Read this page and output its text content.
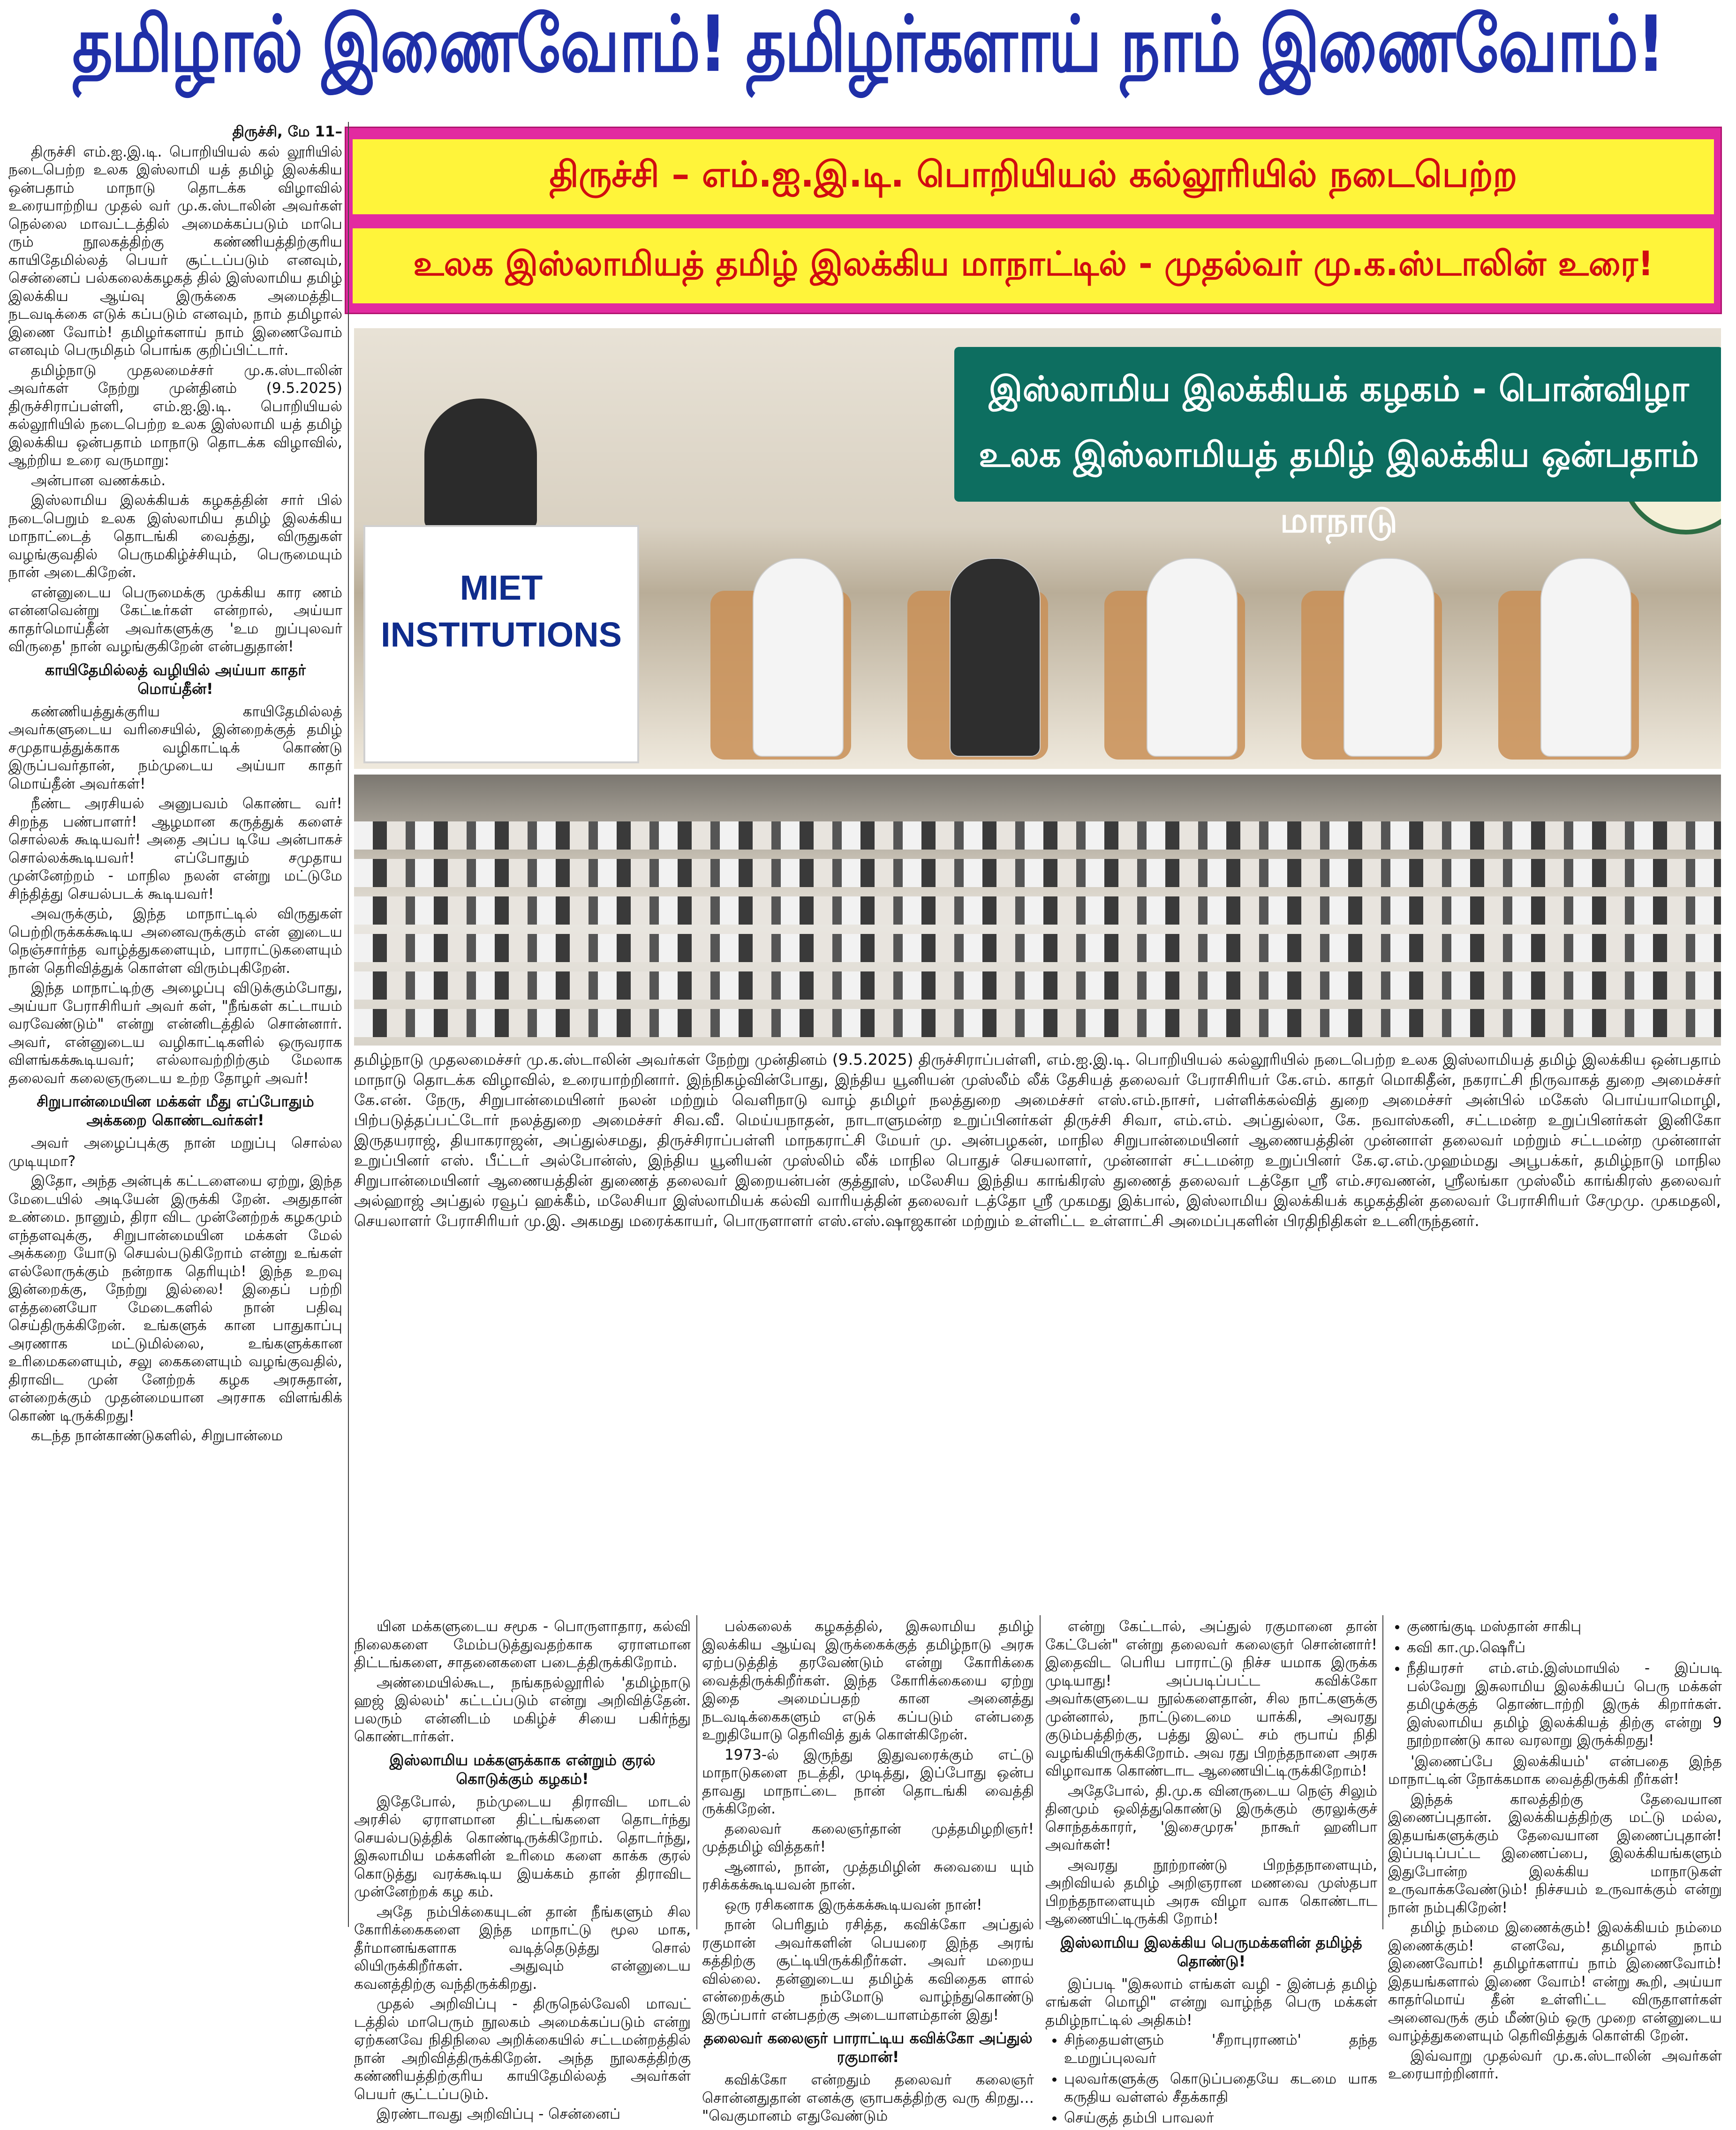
தமிழால் இணைவோம்! தமிழர்களாய் நாம் இணைவோம்!
திருச்சி – எம்.ஐ.இ.டி. பொறியியல் கல்லூரியில் நடைபெற்ற
உலக இஸ்லாமியத் தமிழ் இலக்கிய மாநாட்டில் - முதல்வர் மு.க.ஸ்டாலின் உரை!
இஸ்லாமிய இலக்கியக் கழகம் - பொன்விழா
உலக இஸ்லாமியத் தமிழ் இலக்கிய ஒன்பதாம் மாநாடு
MIET INSTITUTIONS
தமிழ்நாடு முதலமைச்சர் மு.க.ஸ்டாலின் அவர்கள் நேற்று முன்தினம் (9.5.2025) திருச்சிராப்பள்ளி, எம்.ஐ.இ.டி. பொறியியல் கல்லூரியில் நடைபெற்ற உலக இஸ்லாமியத் தமிழ் இலக்கிய ஒன்பதாம் மாநாடு தொடக்க விழாவில், உரையாற்றினார். இந்நிகழ்வின்போது, இந்திய யூனியன் முஸ்லீம் லீக் தேசியத் தலைவர் பேராசிரியர் கே.எம். காதர் மொகிதீன், நகராட்சி நிருவாகத் துறை அமைச்சர் கே.என். நேரு, சிறுபான்மையினர் நலன் மற்றும் வெளிநாடு வாழ் தமிழர் நலத்துறை அமைச்சர் எஸ்.எம்.நாசர், பள்ளிக்கல்வித் துறை அமைச்சர் அன்பில் மகேஸ் பொய்யாமொழி, பிற்படுத்தப்பட்டோர் நலத்துறை அமைச்சர் சிவ.வீ. மெய்யநாதன், நாடாளுமன்ற உறுப்பினர்கள் திருச்சி சிவா, எம்.எம். அப்துல்லா, கே. நவாஸ்கனி, சட்டமன்ற உறுப்பினர்கள் இனிகோ இருதயராஜ், தியாகராஜன், அப்துல்சமது, திருச்சிராப்பள்ளி மாநகராட்சி மேயர் மு. அன்பழகன், மாநில சிறுபான்மையினர் ஆணையத்தின் முன்னாள் தலைவர் மற்றும் சட்டமன்ற முன்னாள் உறுப்பினர் எஸ். பீட்டர் அல்போன்ஸ், இந்திய யூனியன் முஸ்லிம் லீக் மாநில பொதுச் செயலாளர், முன்னாள் சட்டமன்ற உறுப்பினர் கே.ஏ.எம்.முஹம்மது அபூபக்கர், தமிழ்நாடு மாநில சிறுபான்மையினர் ஆணையத்தின் துணைத் தலைவர் இறையன்பன் குத்தூஸ், மலேசிய இந்திய காங்கிரஸ் துணைத் தலைவர் டத்தோ ஸ்ரீ எம்.சரவணன், ஸ்ரீலங்கா முஸ்லீம் காங்கிரஸ் தலைவர் அல்ஹாஜ் அப்துல் ரவூப் ஹக்கீம், மலேசியா இஸ்லாமியக் கல்வி வாரியத்தின் தலைவர் டத்தோ ஸ்ரீ முகமது இக்பால், இஸ்லாமிய இலக்கியக் கழகத்தின் தலைவர் பேராசிரியர் சேமுமு. முகமதலி, செயலாளர் பேராசிரியர் மு.இ. அகமது மரைக்காயர், பொருளாளர் எஸ்.எஸ்.ஷாஜகான் மற்றும் உள்ளிட்ட உள்ளாட்சி அமைப்புகளின் பிரதிநிதிகள் உடனிருந்தனர்.

திருச்சி, மே 11–

திருச்சி எம்.ஐ.இ.டி. பொறியியல் கல் லூரியில் நடைபெற்ற உலக இஸ்லாமி யத் தமிழ் இலக்கிய ஒன்பதாம் மாநாடு தொடக்க விழாவில் உரையாற்றிய முதல் வர் மு.க.ஸ்டாலின் அவர்கள் நெல்லை மாவட்டத்தில் அமைக்கப்படும் மாபெ ரும் நூலகத்திற்கு கண்ணியத்திற்குரிய காயிதேமில்லத் பெயர் சூட்டப்படும் எனவும், சென்னைப் பல்கலைக்கழகத் தில் இஸ்லாமிய தமிழ் இலக்கிய ஆய்வு இருக்கை அமைத்திட நடவடிக்கை எடுக் கப்படும் எனவும், நாம் தமிழால் இணை வோம்! தமிழர்களாய் நாம் இணைவோம் எனவும் பெருமிதம் பொங்க குறிப்பிட்டார்.

தமிழ்நாடு முதலமைச்சர் மு.க.ஸ்டாலின் அவர்கள் நேற்று முன்தினம் (9.5.2025) திருச்சிராப்பள்ளி, எம்.ஐ.இ.டி. பொறியியல் கல்லூரியில் நடைபெற்ற உலக இஸ்லாமி யத் தமிழ் இலக்கிய ஒன்பதாம் மாநாடு தொடக்க விழாவில், ஆற்றிய உரை வருமாறு:

அன்பான வணக்கம்.

இஸ்லாமிய இலக்கியக் கழகத்தின் சார் பில் நடைபெறும் உலக இஸ்லாமிய தமிழ் இலக்கிய மாநாட்டைத் தொடங்கி வைத்து, விருதுகள் வழங்குவதில் பெருமகிழ்ச்சியும், பெருமையும் நான் அடைகிறேன்.

என்னுடைய பெருமைக்கு முக்கிய கார ணம் என்னவென்று கேட்டீர்கள் என்றால், அய்யா காதர்மொய்தீன் அவர்களுக்கு 'உம றுப்புலவர் விருதை' நான் வழங்குகிறேன் என்பதுதான்!

காயிதேமில்லத் வழியில் அய்யா காதர் மொய்தீன்!

கண்ணியத்துக்குரிய காயிதேமில்லத் அவர்களுடைய வரிசையில், இன்றைக்குத் தமிழ் சமுதாயத்துக்காக வழிகாட்டிக் கொண்டு இருப்பவர்தான், நம்முடைய அய்யா காதர் மொய்தீன் அவர்கள்!

நீண்ட அரசியல் அனுபவம் கொண்ட வர்! சிறந்த பண்பாளர்! ஆழமான கருத்துக் களைச் சொல்லக் கூடியவர்! அதை அப்ப டியே அன்பாகச் சொல்லக்கூடியவர்! எப்போதும் சமுதாய முன்னேற்றம் - மாநில நலன் என்று மட்டுமே சிந்தித்து செயல்படக் கூடியவர்!

அவருக்கும், இந்த மாநாட்டில் விருதுகள் பெற்றிருக்கக்கூடிய அனைவருக்கும் என் னுடைய நெஞ்சார்ந்த வாழ்த்துகளையும், பாராட்டுகளையும் நான் தெரிவித்துக் கொள்ள விரும்புகிறேன்.

இந்த மாநாட்டிற்கு அழைப்பு விடுக்கும்போது, அய்யா பேராசிரியர் அவர் கள், "நீங்கள் கட்டாயம் வரவேண்டும்" என்று என்னிடத்தில் சொன்னார். அவர், என்னுடைய வழிகாட்டிகளில் ஒருவராக விளங்கக்கூடியவர்; எல்லாவற்றிற்கும் மேலாக தலைவர் கலைஞருடைய உற்ற தோழர் அவர்!

சிறுபான்மையின மக்கள் மீது எப்போதும் அக்கறை கொண்டவர்கள்!

அவர் அழைப்புக்கு நான் மறுப்பு சொல்ல முடியுமா?

இதோ, அந்த அன்புக் கட்டளையை ஏற்று, இந்த மேடையில் அடியேன் இருக்கி றேன். அதுதான் உண்மை. நானும், திரா விட முன்னேற்றக் கழகமும் எந்தளவுக்கு, சிறுபான்மையின மக்கள் மேல் அக்கறை யோடு செயல்படுகிறோம் என்று உங்கள் எல்லோருக்கும் நன்றாக தெரியும்! இந்த உறவு இன்றைக்கு, நேற்று இல்லை! இதைப் பற்றி எத்தனையோ மேடைகளில் நான் பதிவு செய்திருக்கிறேன். உங்களுக் கான பாதுகாப்பு அரணாக மட்டுமில்லை, உங்களுக்கான உரிமைகளையும், சலு கைகளையும் வழங்குவதில், திராவிட முன் னேற்றக் கழக அரசுதான், என்றைக்கும் முதன்மையான அரசாக விளங்கிக் கொண் டிருக்கிறது!

கடந்த நான்காண்டுகளில், சிறுபான்மை

யின மக்களுடைய சமூக - பொருளாதார, கல்வி நிலைகளை மேம்படுத்துவதற்காக ஏராளமான திட்டங்களை, சாதனைகளை படைத்திருக்கிறோம்.

அண்மையில்கூட, நங்கநல்லூரில் 'தமிழ்நாடு ஹஜ் இல்லம்' கட்டப்படும் என்று அறிவித்தேன். பலரும் என்னிடம் மகிழ்ச் சியை பகிர்ந்து கொண்டார்கள்.

இஸ்லாமிய மக்களுக்காக என்றும் குரல் கொடுக்கும் கழகம்!

இதேபோல், நம்முடைய திராவிட மாடல் அரசில் ஏராளமான திட்டங்களை தொடர்ந்து செயல்படுத்திக் கொண்டிருக்கிறோம். தொடர்ந்து, இசுலாமிய மக்களின் உரிமை களை காக்க குரல் கொடுத்து வரக்கூடிய இயக்கம் தான் திராவிட முன்னேற்றக் கழ கம்.

அதே நம்பிக்கையுடன் தான் நீங்களும் சில கோரிக்கைகளை இந்த மாநாட்டு மூல மாக, தீர்மானங்களாக வடித்தெடுத்து சொல் லியிருக்கிறீர்கள். அதுவும் என்னுடைய கவனத்திற்கு வந்திருக்கிறது.

முதல் அறிவிப்பு - திருநெல்வேலி மாவட் டத்தில் மாபெரும் நூலகம் அமைக்கப்படும் என்று ஏற்கனவே நிதிநிலை அறிக்கையில் சட்டமன்றத்தில் நான் அறிவித்திருக்கிறேன். அந்த நூலகத்திற்கு கண்ணியத்திற்குரிய காயிதேமில்லத் அவர்கள் பெயர் சூட்டப்படும்.

இரண்டாவது அறிவிப்பு - சென்னைப்

பல்கலைக் கழகத்தில், இசுலாமிய தமிழ் இலக்கிய ஆய்வு இருக்கைக்குத் தமிழ்நாடு அரசு ஏற்படுத்தித் தரவேண்டும் என்று கோரிக்கை வைத்திருக்கிறீர்கள். இந்த கோரிக்கையை ஏற்று இதை அமைப்பதற் கான அனைத்து நடவடிக்கைகளும் எடுக் கப்படும் என்பதை உறுதியோடு தெரிவித் துக் கொள்கிறேன்.

1973-ல் இருந்து இதுவரைக்கும் எட்டு மாநாடுகளை நடத்தி, முடித்து, இப்போது ஒன்ப தாவது மாநாட்டை நான் தொடங்கி வைத்தி ருக்கிறேன்.

தலைவர் கலைஞர்தான் முத்தமிழறிஞர்! முத்தமிழ் வித்தகர்!

ஆனால், நான், முத்தமிழின் சுவையை யும் ரசிக்கக்கூடியவன் நான்.

ஒரு ரசிகனாக இருக்கக்கூடியவன் நான்!

நான் பெரிதும் ரசித்த, கவிக்கோ அப்துல் ரகுமான் அவர்களின் பெயரை இந்த அரங் கத்திற்கு சூட்டியிருக்கிறீர்கள். அவர் மறைய வில்லை. தன்னுடைய தமிழ்க் கவிதைக ளால் என்றைக்கும் நம்மோடு வாழ்ந்துகொண்டு இருப்பார் என்பதற்கு அடையாளம்தான் இது!

தலைவர் கலைஞர் பாராட்டிய கவிக்கோ அப்துல் ரகுமான்!

கவிக்கோ என்றதும் தலைவர் கலைஞர் சொன்னதுதான் எனக்கு ஞாபகத்திற்கு வரு கிறது… "வெகுமானம் எதுவேண்டும்

என்று கேட்டால், அப்துல் ரகுமானை தான் கேட்பேன்" என்று தலைவர் கலைஞர் சொன்னார்! இதைவிட பெரிய பாராட்டு நிச்ச யமாக இருக்க முடியாது! அப்படிப்பட்ட கவிக்கோ அவர்களுடைய நூல்களைதான், சில நாட்களுக்கு முன்னால், நாட்டுடைமை யாக்கி, அவரது குடும்பத்திற்கு, பத்து இலட் சம் ரூபாய் நிதி வழங்கியிருக்கிறோம். அவ ரது பிறந்தநாளை அரசு விழாவாக கொண்டாட ஆணையிட்டிருக்கிறோம்!

அதேபோல், தி.மு.க வினருடைய நெஞ் சிலும் தினமும் ஒலித்துகொண்டு இருக்கும் குரலுக்குச் சொந்தக்காரர், 'இசைமுரசு' நாகூர் ஹனிபா அவர்கள்!

அவரது நூற்றாண்டு பிறந்தநாளையும், அறிவியல் தமிழ் அறிஞரான மணவை முஸ்தபா பிறந்தநாளையும் அரசு விழா வாக கொண்டாட ஆணையிட்டிருக்கி றோம்!

இஸ்லாமிய இலக்கிய பெருமக்களின் தமிழ்த் தொண்டு!

இப்படி "இசுலாம் எங்கள் வழி - இன்பத் தமிழ் எங்கள் மொழி" என்று வாழ்ந்த பெரு மக்கள் தமிழ்நாட்டில் அதிகம்!

• சிந்தையள்ளும் 'சீறாபுராணம்' தந்த உமறுப்புலவர்
• புலவர்களுக்கு கொடுப்பதையே கடமை யாக கருதிய வள்ளல் சீதக்காதி
• செய்குத் தம்பி பாவலர்
• குணங்குடி மஸ்தான் சாகிபு
• கவி கா.மு.ஷெரீப்
• நீதியரசர் எம்.எம்.இஸ்மாயில் - இப்படி பல்வேறு இசுலாமிய இலக்கியப் பெரு மக்கள் தமிழுக்குத் தொண்டாற்றி இருக் கிறார்கள். இஸ்லாமிய தமிழ் இலக்கியத் திற்கு என்று 9 நூற்றாண்டு கால வரலாறு இருக்கிறது!

'இணைப்பே இலக்கியம்' என்பதை இந்த மாநாட்டின் நோக்கமாக வைத்திருக்கி றீர்கள்!

இந்தக் காலத்திற்கு தேவையான இணைப்புதான். இலக்கியத்திற்கு மட்டு மல்ல, இதயங்களுக்கும் தேவையான இணைப்புதான்! இப்படிப்பட்ட இணைப்பை, இலக்கியங்களும் இதுபோன்ற இலக்கிய மாநாடுகள் உருவாக்கவேண்டும்! நிச்சயம் உருவாக்கும் என்று நான் நம்புகிறேன்!

தமிழ் நம்மை இணைக்கும்! இலக்கியம் நம்மை இணைக்கும்! எனவே, தமிழால் நாம் இணைவோம்! தமிழர்களாய் நாம் இணைவோம்! இதயங்களால் இணை வோம்! என்று கூறி, அய்யா காதர்மொய் தீன் உள்ளிட்ட விருதாளர்கள் அனைவருக் கும் மீண்டும் ஒரு முறை என்னுடைய வாழ்த்துகளையும் தெரிவித்துக் கொள்கி றேன்.

இவ்வாறு முதல்வர் மு.க.ஸ்டாலின் அவர்கள் உரையாற்றினார்.
